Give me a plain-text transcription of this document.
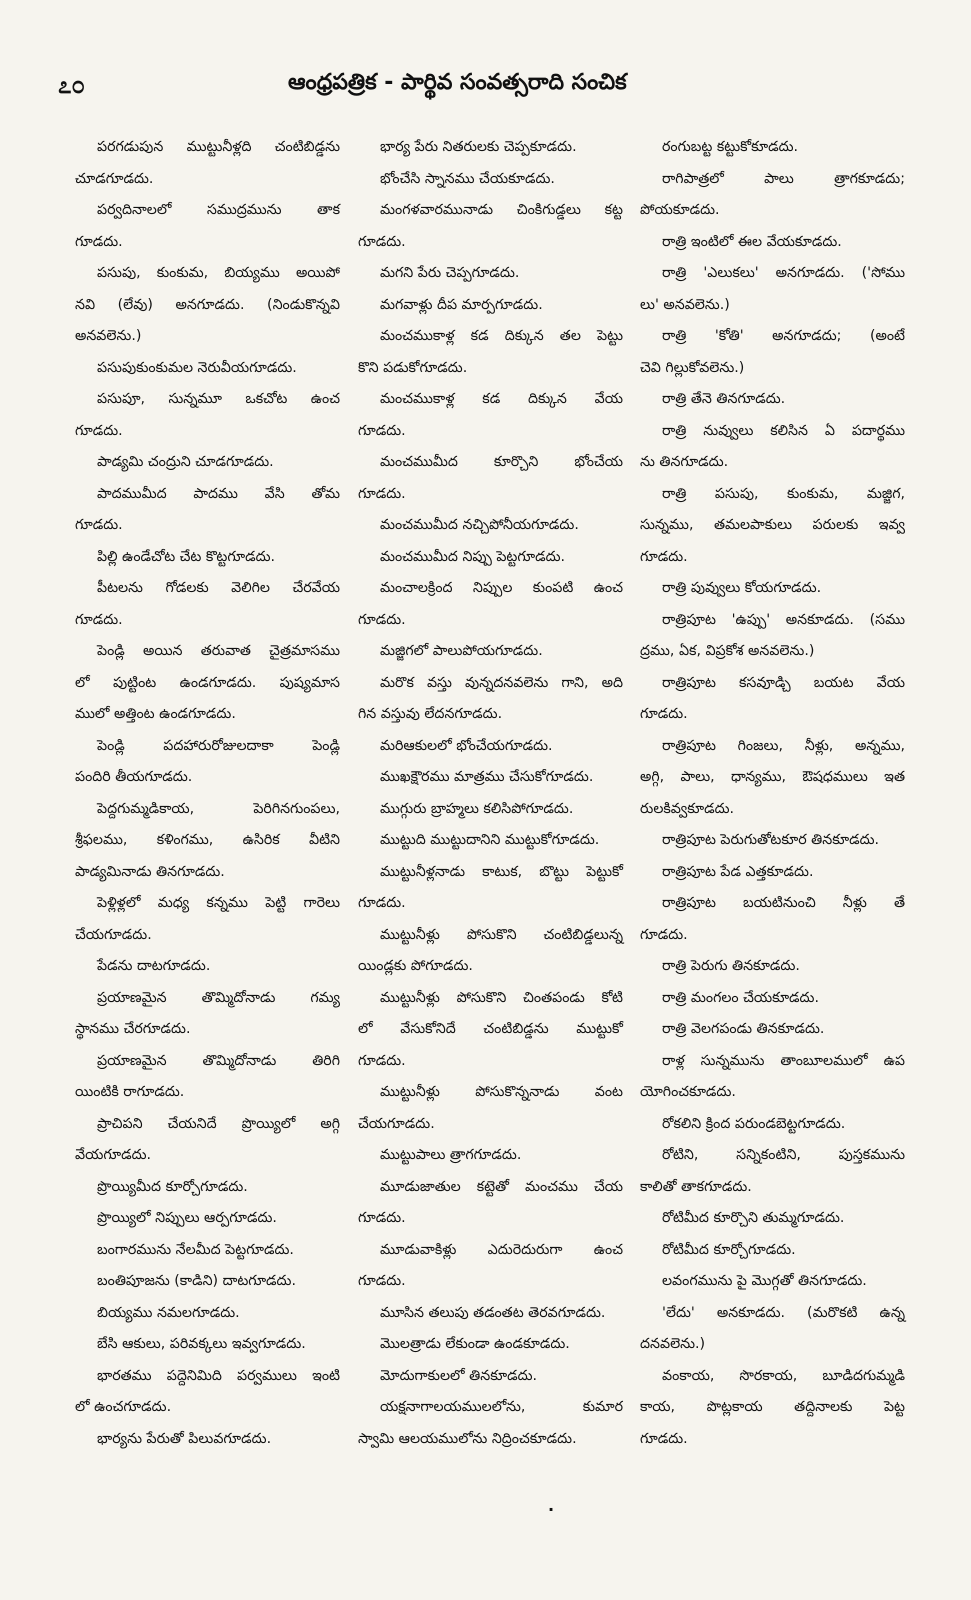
೭೦	ఆంధ్రపత్రిక - పార్థివ సంవత్సరాది సంచిక

పరగడుపున ముట్టునీళ్లది చంటిబిడ్డను

చూడగూడదు.

పర్వదినాలలో సముద్రమును తాక

గూడదు.

పసుపు, కుంకుమ, బియ్యము అయిపో

నవి (లేవు) అనగూడదు. (నిండుకొన్నవి

అనవలెను.)

పసుపుకుంకుమల నెరువీయగూడదు.

పసుపూ, సున్నమూ ఒకచోట ఉంచ

గూడదు.

పాడ్యమి చంద్రుని చూడగూడదు.

పాదముమీద పాదము వేసి తోమ

గూడదు.

పిల్లి ఉండేచోట చేట కొట్టగూడదు.

పీటలను గోడలకు వెలిగిల చేరవేయ

గూడదు.

పెండ్లి అయిన తరువాత చైత్రమాసము

లో పుట్టింట ఉండగూడదు. పుష్యమాస

ములో అత్తింట ఉండగూడదు.

పెండ్లి పదహారురోజులదాకా పెండ్లి

పందిరి తీయగూడదు.

పెద్దగుమ్మడికాయ, పెరిగినగుంపలు,

శ్రీఫలము, కళింగము, ఉసిరిక వీటిని

పాడ్యమినాడు తినగూడదు.

పెళ్లిళ్లలో మధ్య కన్నము పెట్టి గారెలు

చేయగూడదు.

పేడను దాటగూడదు.

ప్రయాణమైన తొమ్మిదోనాడు గమ్య

స్థానము చేరగూడదు.

ప్రయాణమైన తొమ్మిదోనాడు తిరిగి

యింటికి రాగూడదు.

ప్రాచిపని చేయనిదే ప్రొయ్యిలో అగ్గి

వేయగూడదు.

ప్రొయ్యిమీద కూర్చోగూడదు.

ప్రొయ్యిలో నిప్పులు ఆర్పగూడదు.

బంగారమును నేలమీద పెట్టగూడదు.

బంతిపూజను (కాడిని) దాటగూడదు.

బియ్యము నమలగూడదు.

బేసి ఆకులు, పరివక్కలు ఇవ్వగూడదు.

భారతము పద్దెనిమిది పర్వములు ఇంటి

లో ఉంచగూడదు.

భార్యను పేరుతో పిలువగూడదు.

భార్య పేరు నితరులకు చెప్పకూడదు.

భోంచేసి స్నానము చేయకూడదు.

మంగళవారమునాడు చింకిగుడ్డలు కట్ట

గూడదు.

మగని పేరు చెప్పగూడదు.

మగవాళ్లు దీప మార్పగూడదు.

మంచముకాళ్ల కడ దిక్కున తల పెట్టు

కొని పడుకోగూడదు.

మంచముకాళ్ల కడ దిక్కున వేయ

గూడదు.

మంచముమీద కూర్చొని భోంచేయ

గూడదు.

మంచముమీద నచ్చిపోనీయగూడదు.

మంచముమీద నిప్పు పెట్టగూడదు.

మంచాలక్రింద నిప్పుల కుంపటి ఉంచ

గూడదు.

మజ్జిగలో పాలుపోయగూడదు.

మరొక వస్తు వున్నదనవలెను గాని, అది

గిన వస్తువు లేదనగూడదు.

మరిఆకులలో భోంచేయగూడదు.

ముఖక్షౌరము మాత్రము చేసుకోగూడదు.

ముగ్గురు బ్రాహ్మలు కలిసిపోగూడదు.

ముట్టుది ముట్టుదానిని ముట్టుకోగూడదు.

ముట్టునీళ్లనాడు కాటుక, బొట్టు పెట్టుకో

గూడదు.

ముట్టునీళ్లు పోసుకొని చంటిబిడ్డలున్న

యిండ్లకు పోగూడదు.

ముట్టునీళ్లు పోసుకొని చింతపండు కోటి

లో వేసుకోనిదే చంటిబిడ్డను ముట్టుకో

గూడదు.

ముట్టునీళ్లు పోసుకొన్ననాడు వంట

చేయగూడదు.

ముట్టుపాలు త్రాగగూడదు.

మూడుజాతుల కట్టెతో మంచము చేయ

గూడదు.

మూడువాకిళ్లు ఎదురెదురుగా ఉంచ

గూడదు.

మూసిన తలుపు తడంతట తెరవగూడదు.

మొలత్రాడు లేకుండా ఉండకూడదు.

మోదుగాకులలో తినకూడదు.

యక్షనాగాలయములలోను, కుమార

స్వామి ఆలయములోను నిద్రించకూడదు.

రంగుబట్ట కట్టుకోకూడదు.

రాగిపాత్రలో పాలు త్రాగకూడదు;

పోయకూడదు.

రాత్రి ఇంటిలో ఈల వేయకూడదు.

రాత్రి 'ఎలుకలు' అనగూడదు. ('సోము

లు' అనవలెను.)

రాత్రి 'కోతి' అనగూడదు; (అంటే

చెవి గిల్లుకోవలెను.)

రాత్రి తేనె తినగూడదు.

రాత్రి నువ్వులు కలిసిన ఏ పదార్థము

ను తినగూడదు.

రాత్రి పసుపు, కుంకుమ, మజ్జిగ,

సున్నము, తమలపాకులు పరులకు ఇవ్వ

గూడదు.

రాత్రి పువ్వులు కోయగూడదు.

రాత్రిపూట 'ఉప్పు' అనకూడదు. (సము

ద్రము, ఏక, విప్రకోశ అనవలెను.)

రాత్రిపూట కసవూడ్చి బయట వేయ

గూడదు.

రాత్రిపూట గింజలు, నీళ్లు, అన్నము,

అగ్గి, పాలు, ధాన్యము, ఔషధములు ఇత

రులకివ్వకూడదు.

రాత్రిపూట పెరుగుతోటకూర తినకూడదు.

రాత్రిపూట పేడ ఎత్తకూడదు.

రాత్రిపూట బయటినుంచి నీళ్లు తే

గూడదు.

రాత్రి పెరుగు తినకూడదు.

రాత్రి మంగలం చేయకూడదు.

రాత్రి వెలగపండు తినకూడదు.

రాళ్ల సున్నమును తాంబూలములో ఉప

యోగించకూడదు.

రోకలిని క్రింద పరుండబెట్టగూడదు.

రోటిని, సన్నికంటిని, పుస్తకమును

కాలితో తాకగూడదు.

రోటిమీద కూర్చొని తుమ్మగూడదు.

రోటిమీద కూర్చోగూడదు.

లవంగమును పై మొగ్గతో తినగూడదు.

'లేదు' అనకూడదు. (మరొకటి ఉన్న

దనవలెను.)

వంకాయ, సొరకాయ, బూడిదగుమ్మడి

కాయ, పొట్లకాయ తద్దినాలకు పెట్ట

గూడదు.

·
